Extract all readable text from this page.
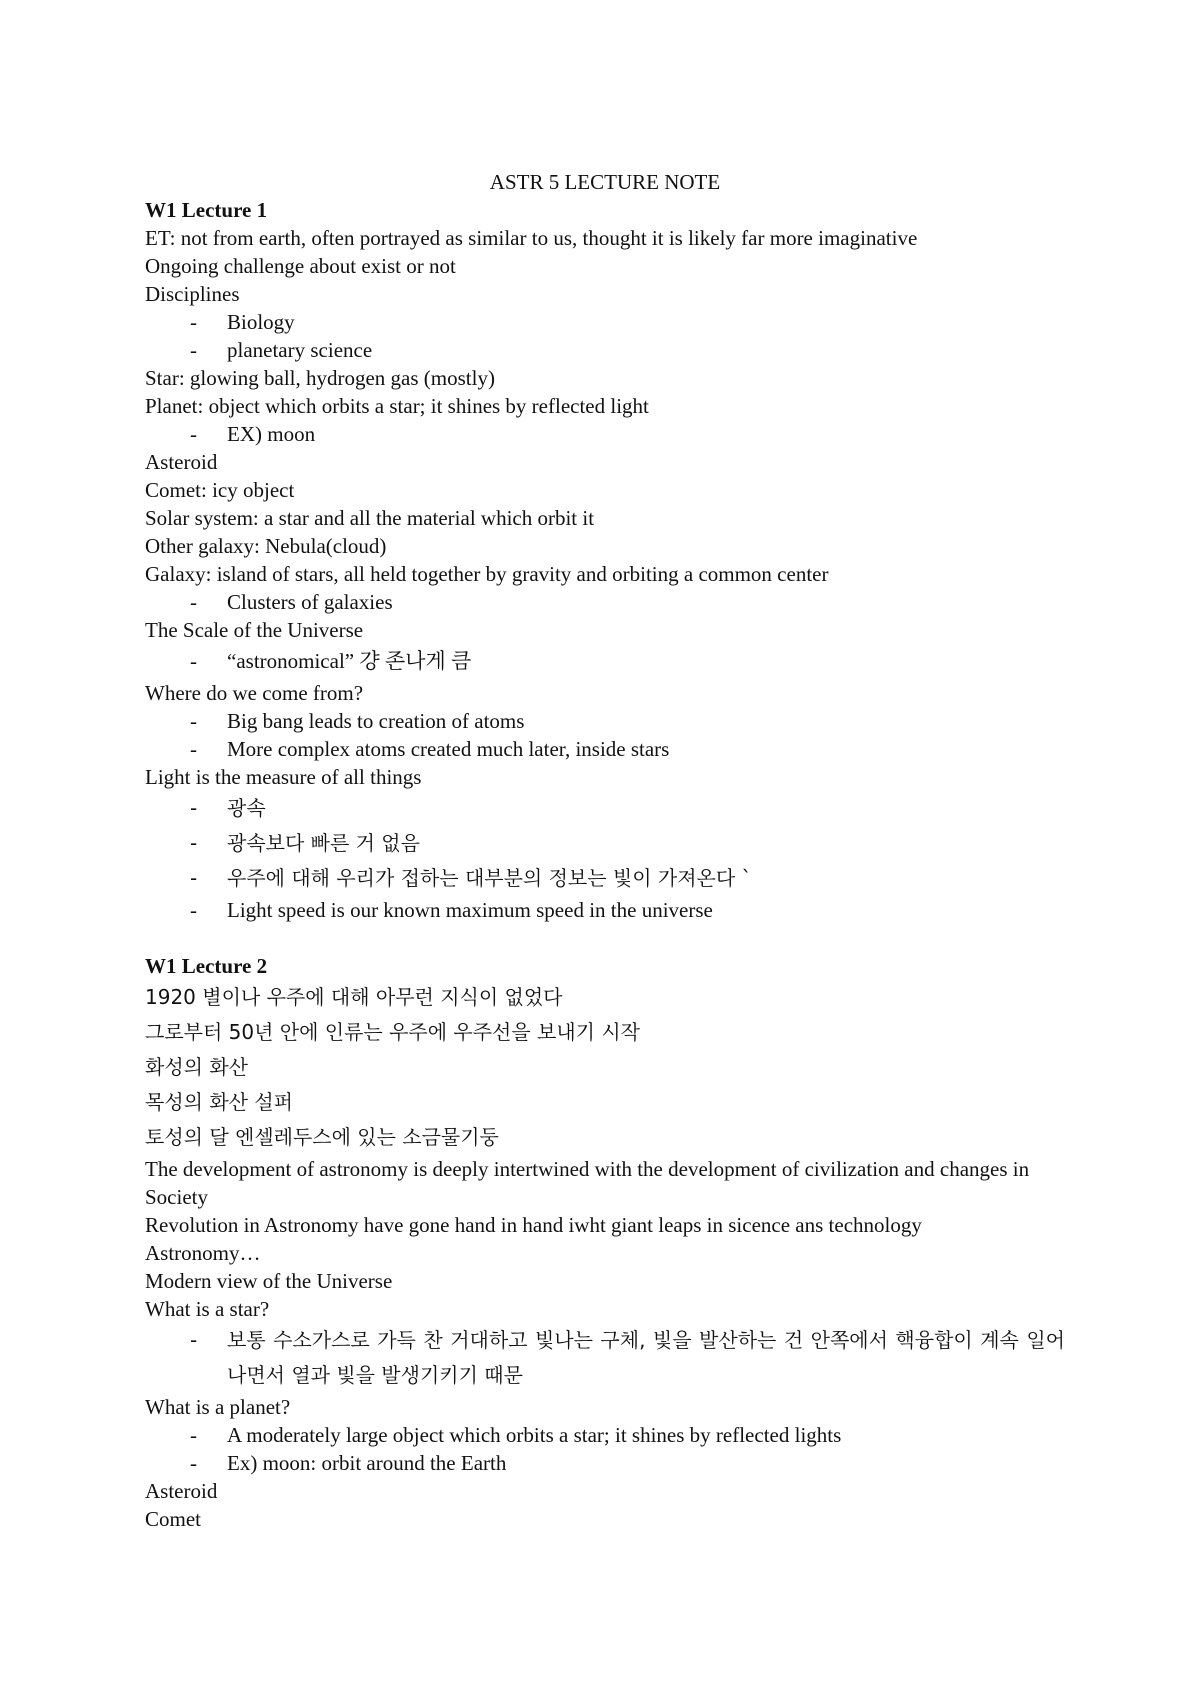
ASTR 5 LECTURE NOTE
W1 Lecture 1
ET: not from earth, often portrayed as similar to us, thought it is likely far more imaginative
Ongoing challenge about exist or not
Disciplines
- Biology
- planetary science
Star: glowing ball, hydrogen gas (mostly)
Planet: object which orbits a star; it shines by reflected light
- EX) moon
Asteroid
Comet: icy object
Solar system: a star and all the material which orbit it
Other galaxy: Nebula(cloud)
Galaxy: island of stars, all held together by gravity and orbiting a common center
- Clusters of galaxies
The Scale of the Universe
- “astronomical” 걍 존나게 큼
Where do we come from?
- Big bang leads to creation of atoms
- More complex atoms created much later, inside stars
Light is the measure of all things
- 광속
- 광속보다 빠른 거 없음
- 우주에 대해 우리가 접하는 대부분의 정보는 빛이 가져온다 `
- Light speed is our known maximum speed in the universe
W1 Lecture 2
1920 별이나 우주에 대해 아무런 지식이 없었다
그로부터 50년 안에 인류는 우주에 우주선을 보내기 시작
화성의 화산
목성의 화산 설퍼
토성의 달 엔셀레두스에 있는 소금물기둥
The development of astronomy is deeply intertwined with the development of civilization and changes in Society
Revolution in Astronomy have gone hand in hand iwht giant leaps in sicence ans technology
Astronomy…
Modern view of the Universe
What is a star?
- 보통 수소가스로 가득 찬 거대하고 빛나는 구체, 빛을 발산하는 건 안쪽에서 핵융합이 계속 일어나면서 열과 빛을 발생기키기 때문
What is a planet?
- A moderately large object which orbits a star; it shines by reflected lights
- Ex) moon: orbit around the Earth
Asteroid
Comet
